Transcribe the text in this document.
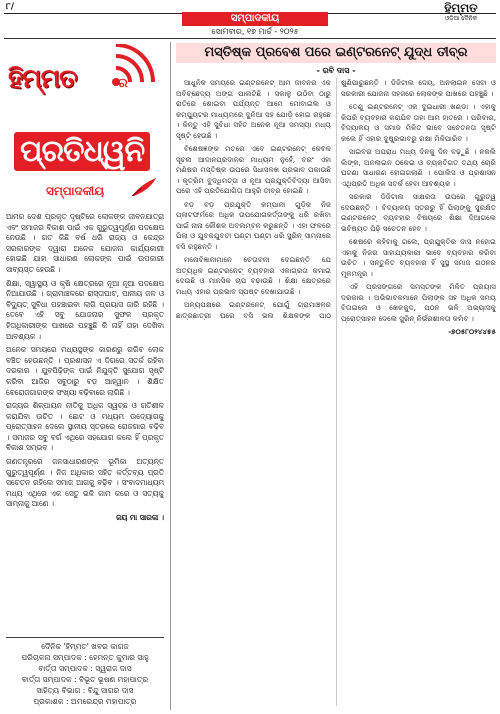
୮/	ହିମ୍ମତ
ଓଡ଼ିଆ ଦୈନିକ
ସମ୍ପାଦକୀୟ
ସୋମବାର, ୧୭ ମାର୍ଚ୍ଚ - ୨୦୨୫
ହିମ୍ମତ	ର
ପ୍ରତିଧ୍ୱନି
ସମ୍ପାଦକୀୟ

ଆମର ଦେଶ ପ୍ରକୃତ ଦୃଷ୍ଟିରେ ଲୋକଙ୍କ ଜୀବନଯାତ୍ରା ଏବଂ ସମାଜର ବିକାଶ ପାଇଁ ଏକ ଗୁରୁତ୍ୱପୂର୍ଣ୍ଣ ପଦକ୍ଷେପ ନେଉଛି । ଗତ କିଛି ବର୍ଷ ଧରି ରାଜ୍ୟ ଓ କେନ୍ଦ୍ର ସରକାରଙ୍କ ଦ୍ୱାରା ଅନେକ ଯୋଜନା କାର୍ଯ୍ୟକାରୀ ହୋଇଛି ଯାହା ସାଧାରଣ ଲୋକଙ୍କ ପାଇଁ ଉପକାରୀ ସାବ୍ୟସ୍ତ ହେଉଛି ।

ଶିକ୍ଷା, ସ୍ୱାସ୍ଥ୍ୟ ଓ କୃଷି କ୍ଷେତ୍ରରେ ନୂଆ ନୂଆ ପଦକ୍ଷେପ ନିଆଯାଉଛି । ଗ୍ରାମାଞ୍ଚଳରେ ରାସ୍ତାଘାଟ, ପାନୀୟ ଜଳ ଓ ବିଦ୍ୟୁତ୍ ସୁବିଧା ପହଞ୍ଚାଇବା ଲାଗି ପ୍ରୟାସ ଜାରି ରହିଛି । ତେବେ ଏହି ସବୁ ଯୋଜନାର ସୁଫଳ ପ୍ରକୃତ ହିତାଧିକାରୀଙ୍କ ପାଖରେ ପହଞ୍ଚୁଛି କି ନାହିଁ ତାହା ଦେଖିବା ଆବଶ୍ୟକ ।

ଅନେକ ସମୟରେ ମଧ୍ୟସ୍ଥଙ୍କ କାରଣରୁ ଗରିବ ଲୋକ ବଞ୍ଚିତ ହେଉଛନ୍ତି । ପ୍ରଶାସନ ଏ ଦିଗରେ ସତର୍କ ରହିବା ଦରକାର । ଯୁବପିଢ଼ିଙ୍କ ପାଇଁ ନିଯୁକ୍ତି ସୁଯୋଗ ସୃଷ୍ଟି କରିବା ଆଜିର ସବୁଠାରୁ ବଡ଼ ଆହ୍ୱାନ । ଶିକ୍ଷିତ ବେରୋଜଗାରଙ୍କ ସଂଖ୍ୟା ବଢ଼ିବାରେ ଲାଗିଛି ।

ରାଜ୍ୟର ଶିଳ୍ପାୟନ ନୀତିକୁ ଅଧିକ ସ୍ୱଚ୍ଛ ଓ ଗତିଶୀଳ କରାଯିବା ଉଚିତ । ଛୋଟ ଓ ମଧ୍ୟମ ଉଦ୍ୟୋଗକୁ ପ୍ରୋତ୍ସାହନ ଦେଲେ ସ୍ଥାନୀୟ ସ୍ତରରେ ରୋଜଗାର ବଢ଼ିବ । ସମାଜର ସବୁ ବର୍ଗ ଏଥିରେ ସହଯୋଗ କଲେ ହିଁ ପ୍ରକୃତ ବିକାଶ ସମ୍ଭବ ।

ଗଣତନ୍ତ୍ରରେ ଜନସାଧାରଣଙ୍କ ଭୂମିକା ଅତ୍ୟନ୍ତ ଗୁରୁତ୍ୱପୂର୍ଣ୍ଣ । ନିଜ ଅଧିକାର ସହିତ କର୍ତ୍ତବ୍ୟ ପ୍ରତି ସଚେତନ ରହିଲେ ସମାଜ ଆଗକୁ ବଢ଼ିବ । ସଂବାଦମାଧ୍ୟମ ମଧ୍ୟ ଏଥିରେ ଏକ ସେତୁ ଭଳି କାମ କରେ ଓ ସତ୍ୟକୁ ସାମ୍ନାକୁ ଆଣେ ।

ଜୟ ମା ସାରଳା ।

ଦୈନିକ 'ହିମ୍ମତ' ଖବର କାଗଜ
ପରିଚାଳନା ସମ୍ପାଦକ : ହେମନ୍ତ କୁମାର ସାହୁ
ବାର୍ତ୍ତା ସମ୍ପାଦକ : ସ୍ୱରାଜ ଦାସ
ବାର୍ତ୍ତା ସମ୍ପାଦକ : ବିଭୂତ ଭୂଷଣ ମହାପାତ୍ର
ସାହିତ୍ୟ ବିଭାଗ : ବିନ୍ଦୁ ସାଗର ଦାସ
ପ୍ରକାଶକ : ଅମରେନ୍ଦ୍ର ମହାପାତ୍ର
ମସ୍ତିଷ୍କ ପ୍ରବେଶ ପରେ ଇଣ୍ଟରନେଟ୍ ଯୁଦ୍ଧ ତୀବ୍ର
- ରବି ଦାସ -

ଆଧୁନିକ ସମୟରେ ଇଣ୍ଟରନେଟ୍ ଆମ ଜୀବନର ଏକ ଅବିଚ୍ଛେଦ୍ୟ ଅଙ୍ଗ ପାଲଟିଛି । ସକାଳୁ ଉଠିବା ଠାରୁ ରାତିରେ ଶୋଇବା ପର୍ଯ୍ୟନ୍ତ ଆମେ ମୋବାଇଲ ଓ କମ୍ପ୍ୟୁଟର ମାଧ୍ୟମରେ ଦୁନିଆ ସହ ଯୋଡ଼ି ହୋଇ ରହୁଛେ । କିନ୍ତୁ ଏହି ସୁବିଧା ସହିତ ଅନେକ ନୂଆ ସମସ୍ୟା ମଧ୍ୟ ସୃଷ୍ଟି ହେଉଛି ।

ବିଶେଷଜ୍ଞଙ୍କ ମତରେ ଏବେ ଇଣ୍ଟରନେଟ୍ କେବଳ ସୂଚନା ଆଦାନପ୍ରଦାନର ମାଧ୍ୟମ ନୁହେଁ, ବରଂ ଏହା ମଣିଷର ମସ୍ତିଷ୍କ ଉପରେ ସିଧାସଳଖ ପ୍ରଭାବ ପକାଉଛି । କୃତ୍ରିମ ବୁଦ୍ଧିମତ୍ତା ଓ ନୂଆ ପ୍ରଯୁକ୍ତିବିଦ୍ୟା ଆସିବା ପରେ ଏହି ପ୍ରତିଯୋଗିତା ଆହୁରି ତୀବ୍ର ହୋଇଛି ।

ବଡ଼ ବଡ଼ ପ୍ରଯୁକ୍ତି କମ୍ପାନୀ ଗୁଡ଼ିକ ନିଜ ପ୍ଲାଟଫର୍ମରେ ଅଧିକ ଉପଯୋଗକର୍ତ୍ତାଙ୍କୁ ଧରି ରଖିବା ପାଇଁ ନାନା କୌଶଳ ଅବଲମ୍ବନ କରୁଛନ୍ତି । ଏହା ଫଳରେ ପିଲା ଓ ଯୁବକଯୁବତୀ ଘଣ୍ଟା ଘଣ୍ଟା ଧରି ସ୍କ୍ରିନ୍ ସାମ୍ନାରେ ବସି ରହୁଛନ୍ତି ।

ମନୋବିଜ୍ଞାନୀମାନେ ଚେତାବନୀ ଦେଇଛନ୍ତି ଯେ ଅତ୍ୟଧିକ ଇଣ୍ଟରନେଟ୍ ବ୍ୟବହାର ଏକାଗ୍ରତା କମାଇ ଦେଉଛି ଓ ମାନସିକ ଚାପ ବଢ଼ାଉଛି । ଶିକ୍ଷା କ୍ଷେତ୍ରରେ ମଧ୍ୟ ଏହାର ପ୍ରଭାବ ସ୍ପଷ୍ଟ ଦେଖାଯାଉଛି ।

ଅନ୍ୟପକ୍ଷରେ ଇଣ୍ଟରନେଟ୍ ଯୋଗୁଁ ଗ୍ରାମାଞ୍ଚଳର ଛାତ୍ରଛାତ୍ରୀ ଘରେ ବସି ଭଲ ଶିକ୍ଷକଙ୍କ ପାଠ ଶୁଣିପାରୁଛନ୍ତି । ଡିଜିଟାଲ ଦେୟ, ଅନଲାଇନ ସେବା ଓ ସରକାରୀ ଯୋଜନା ସହଜରେ ଲୋକଙ୍କ ପାଖରେ ପହଞ୍ଚୁଛି ।

ତେଣୁ ଇଣ୍ଟରନେଟ୍ ଏକ ଦୁଇଧାରୀ ଖଣ୍ଡା । ଏହାକୁ କିପରି ବ୍ୟବହାର କରାଯିବ ତାହା ଆମ ହାତରେ । ପରିବାର, ବିଦ୍ୟାଳୟ ଓ ସମାଜ ମିଳିତ ଭାବେ ସଚେତନତା ସୃଷ୍ଟି କଲେ ହିଁ ଏହାର ଦୁଷ୍ପ୍ରଭାବରୁ ରକ୍ଷା ମିଳିପାରିବ ।

ସାଇବର ଅପରାଧ ମଧ୍ୟ ଦିନକୁ ଦିନ ବଢ଼ୁଛି । ନକଲି ଲିଙ୍କ, ଅନଲାଇନ ଠକେଇ ଓ ବ୍ୟକ୍ତିଗତ ତଥ୍ୟ ଚୋରି ଘଟଣା ସାଧାରଣ ହୋଇଗଲାଣି । ପୋଲିସ ଓ ପ୍ରଶାସନ ଏଥିପ୍ରତି ଅଧିକ ସତର୍କ ହେବା ଆବଶ୍ୟକ ।

ସରକାର ଡିଜିଟାଲ ସାକ୍ଷରତା ଉପରେ ଗୁରୁତ୍ୱ ଦେଉଛନ୍ତି । ବିଦ୍ୟାଳୟ ସ୍ତରରୁ ହିଁ ପିଲାଙ୍କୁ ସୁରକ୍ଷିତ ଇଣ୍ଟରନେଟ୍ ବ୍ୟବହାର ବିଷୟରେ ଶିକ୍ଷା ଦିଆଗଲେ ଭବିଷ୍ୟତ ପିଢ଼ି ସଚେତନ ହେବ ।

ଶେଷରେ କହିବାକୁ ଗଲେ, ପ୍ରଯୁକ୍ତିର ଦାସ ନହୋଇ ଏହାକୁ ନିଜର ସାହାଯ୍ୟକାରୀ ଭାବେ ବ୍ୟବହାର କରିବା ଉଚିତ । ସନ୍ତୁଳିତ ବ୍ୟବହାର ହିଁ ସୁସ୍ଥ ସମାଜ ଗଠନର ମୂଳମନ୍ତ୍ର ।

ଏହି ପ୍ରସଙ୍ଗରେ ସମସ୍ତଙ୍କ ମିଳିତ ପ୍ରୟାସ ଦରକାର । ଅଭିଭାବକମାନେ ପିଲାଙ୍କ ସହ ଅଧିକ ସମୟ ବିତାଇଲେ ଓ ଖେଳକୁଦ, ପଠନ ଭଳି ଅଭ୍ୟାସକୁ ପ୍ରୋତ୍ସାହନ ଦେଲେ ସ୍କ୍ରିନ୍ ନିର୍ଭରଶୀଳତା କମିବ ।

-୭୦୫୮୦୨୪୪୫୫
